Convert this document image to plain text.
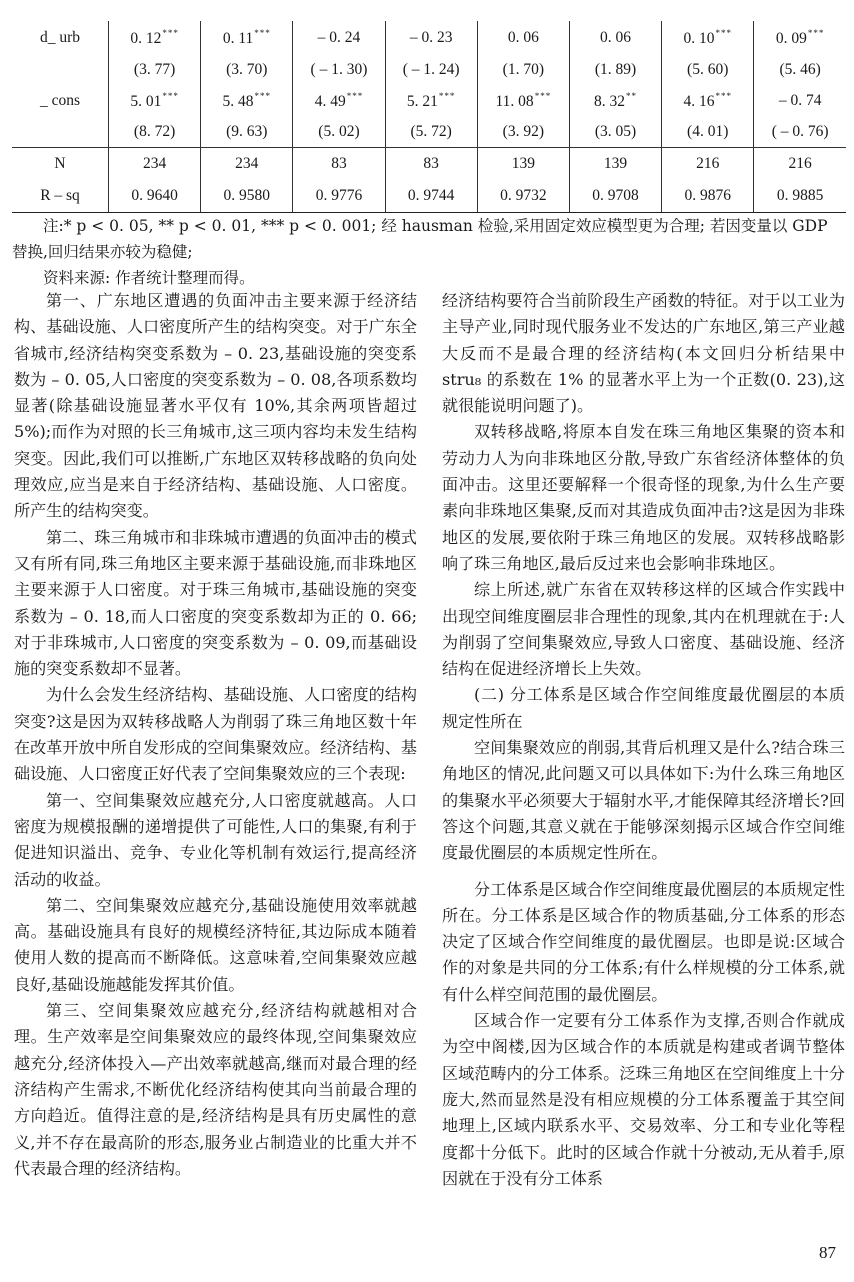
d_ urb	0. 12***	0. 11***	– 0. 24	– 0. 23	0. 06	0. 06	0. 10***	0. 09***
	(3. 77)	(3. 70)	( – 1. 30)	( – 1. 24)	(1. 70)	(1. 89)	(5. 60)	(5. 46)
_ cons	5. 01***	5. 48***	4. 49***	5. 21***	11. 08***	8. 32**	4. 16***	– 0. 74
	(8. 72)	(9. 63)	(5. 02)	(5. 72)	(3. 92)	(3. 05)	(4. 01)	( – 0. 76)
N	234	234	83	83	139	139	216	216
R – sq	0. 9640	0. 9580	0. 9776	0. 9744	0. 9732	0. 9708	0. 9876	0. 9885

注:* p < 0. 05, ** p < 0. 01, *** p < 0. 001; 经 hausman 检验,采用固定效应模型更为合理; 若因变量以 GDP 替换,回归结果亦较为稳健;

资料来源: 作者统计整理而得。

第一、广东地区遭遇的负面冲击主要来源于经济结构、基础设施、人口密度所产生的结构突变。对于广东全省城市,经济结构突变系数为 – 0. 23,基础设施的突变系数为 – 0. 05,人口密度的突变系数为 – 0. 08,各项系数均显著(除基础设施显著水平仅有 10%,其余两项皆超过 5%);而作为对照的长三角城市,这三项内容均未发生结构突变。因此,我们可以推断,广东地区双转移战略的负向处理效应,应当是来自于经济结构、基础设施、人口密度。所产生的结构突变。

第二、珠三角城市和非珠城市遭遇的负面冲击的模式又有所有同,珠三角地区主要来源于基础设施,而非珠地区主要来源于人口密度。对于珠三角城市,基础设施的突变系数为 – 0. 18,而人口密度的突变系数却为正的 0. 66;对于非珠城市,人口密度的突变系数为 – 0. 09,而基础设施的突变系数却不显著。

为什么会发生经济结构、基础设施、人口密度的结构突变?这是因为双转移战略人为削弱了珠三角地区数十年在改革开放中所自发形成的空间集聚效应。经济结构、基础设施、人口密度正好代表了空间集聚效应的三个表现:

第一、空间集聚效应越充分,人口密度就越高。人口密度为规模报酬的递增提供了可能性,人口的集聚,有利于促进知识溢出、竞争、专业化等机制有效运行,提高经济活动的收益。

第二、空间集聚效应越充分,基础设施使用效率就越高。基础设施具有良好的规模经济特征,其边际成本随着使用人数的提高而不断降低。这意味着,空间集聚效应越良好,基础设施越能发挥其价值。

第三、空间集聚效应越充分,经济结构就越相对合理。生产效率是空间集聚效应的最终体现,空间集聚效应越充分,经济体投入—产出效率就越高,继而对最合理的经济结构产生需求,不断优化经济结构使其向当前最合理的方向趋近。值得注意的是,经济结构是具有历史属性的意义,并不存在最高阶的形态,服务业占制造业的比重大并不代表最合理的经济结构。

经济结构要符合当前阶段生产函数的特征。对于以工业为主导产业,同时现代服务业不发达的广东地区,第三产业越大反而不是最合理的经济结构(本文回归分析结果中 stru₈ 的系数在 1% 的显著水平上为一个正数(0. 23),这就很能说明问题了)。

双转移战略,将原本自发在珠三角地区集聚的资本和劳动力人为向非珠地区分散,导致广东省经济体整体的负面冲击。这里还要解释一个很奇怪的现象,为什么生产要素向非珠地区集聚,反而对其造成负面冲击?这是因为非珠地区的发展,要依附于珠三角地区的发展。双转移战略影响了珠三角地区,最后反过来也会影响非珠地区。

综上所述,就广东省在双转移这样的区域合作实践中出现空间维度圈层非合理性的现象,其内在机理就在于:人为削弱了空间集聚效应,导致人口密度、基础设施、经济结构在促进经济增长上失效。

(二) 分工体系是区域合作空间维度最优圈层的本质规定性所在

空间集聚效应的削弱,其背后机理又是什么?结合珠三角地区的情况,此问题又可以具体如下:为什么珠三角地区的集聚水平必须要大于辐射水平,才能保障其经济增长?回答这个问题,其意义就在于能够深刻揭示区域合作空间维度最优圈层的本质规定性所在。

分工体系是区域合作空间维度最优圈层的本质规定性所在。分工体系是区域合作的物质基础,分工体系的形态决定了区域合作空间维度的最优圈层。也即是说:区域合作的对象是共同的分工体系;有什么样规模的分工体系,就有什么样空间范围的最优圈层。

区域合作一定要有分工体系作为支撑,否则合作就成为空中阁楼,因为区域合作的本质就是构建或者调节整体区域范畴内的分工体系。泛珠三角地区在空间维度上十分庞大,然而显然是没有相应规模的分工体系覆盖于其空间地理上,区域内联系水平、交易效率、分工和专业化等程度都十分低下。此时的区域合作就十分被动,无从着手,原因就在于没有分工体系

87
